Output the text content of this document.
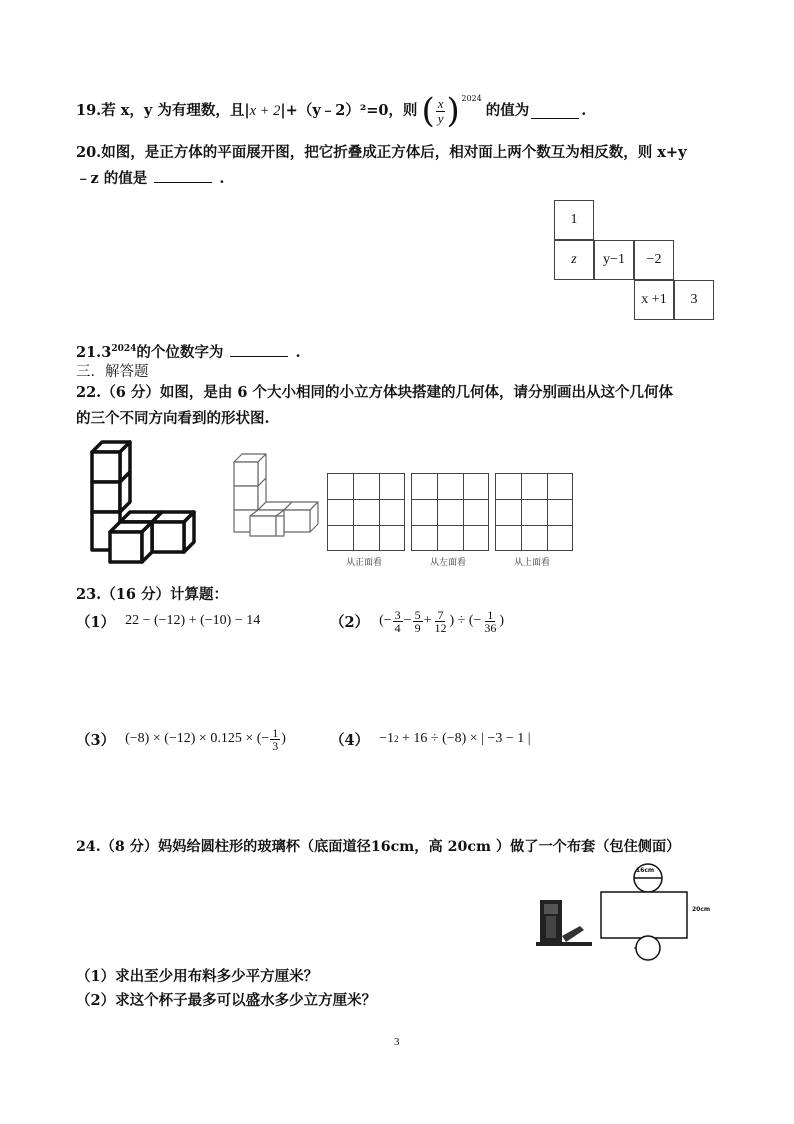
19.若 x，y 为有理数，且| x + 2 |+（y﹣2）²=0，则 ( $\frac{x}{y}$ ) 2024
的值为	.
20.如图，是正方体的平面展开图，把它折叠成正方体后，相对面上两个数互为相反数，则 x+y
﹣z 的值是	.
1
z	y−1	−2
x +1	3
$21.3^{2024}$的个位数字为	.
三．解答题
22.（6 分）如图，是由 6 个大小相同的小立方体块搭建的几何体，请分别画出从这个几何体
的三个不同方向看到的形状图.
从正面看	从左面看	从上面看
23.（16 分）计算题：
（1） 22 − (−12) + (−10) − 14	（2） (− $\frac{3}{4} - \frac{5}{9} + \frac{7}{12}$ ) ÷ (− $\frac{1}{36}$ )
（3） (−8) × (−12) × 0.125 × (− $\frac{1}{3}$ )	（4） −1 2 + 16 ÷ (−8) × | −3 − 1 |
24.（8 分）妈妈给圆柱形的玻璃杯（底面道径16cm，高 20cm ）做了一个布套（包住侧面）
16cm
20cm
（1）求出至少用布料多少平方厘米？
（2）求这个杯子最多可以盛水多少立方厘米？
3
